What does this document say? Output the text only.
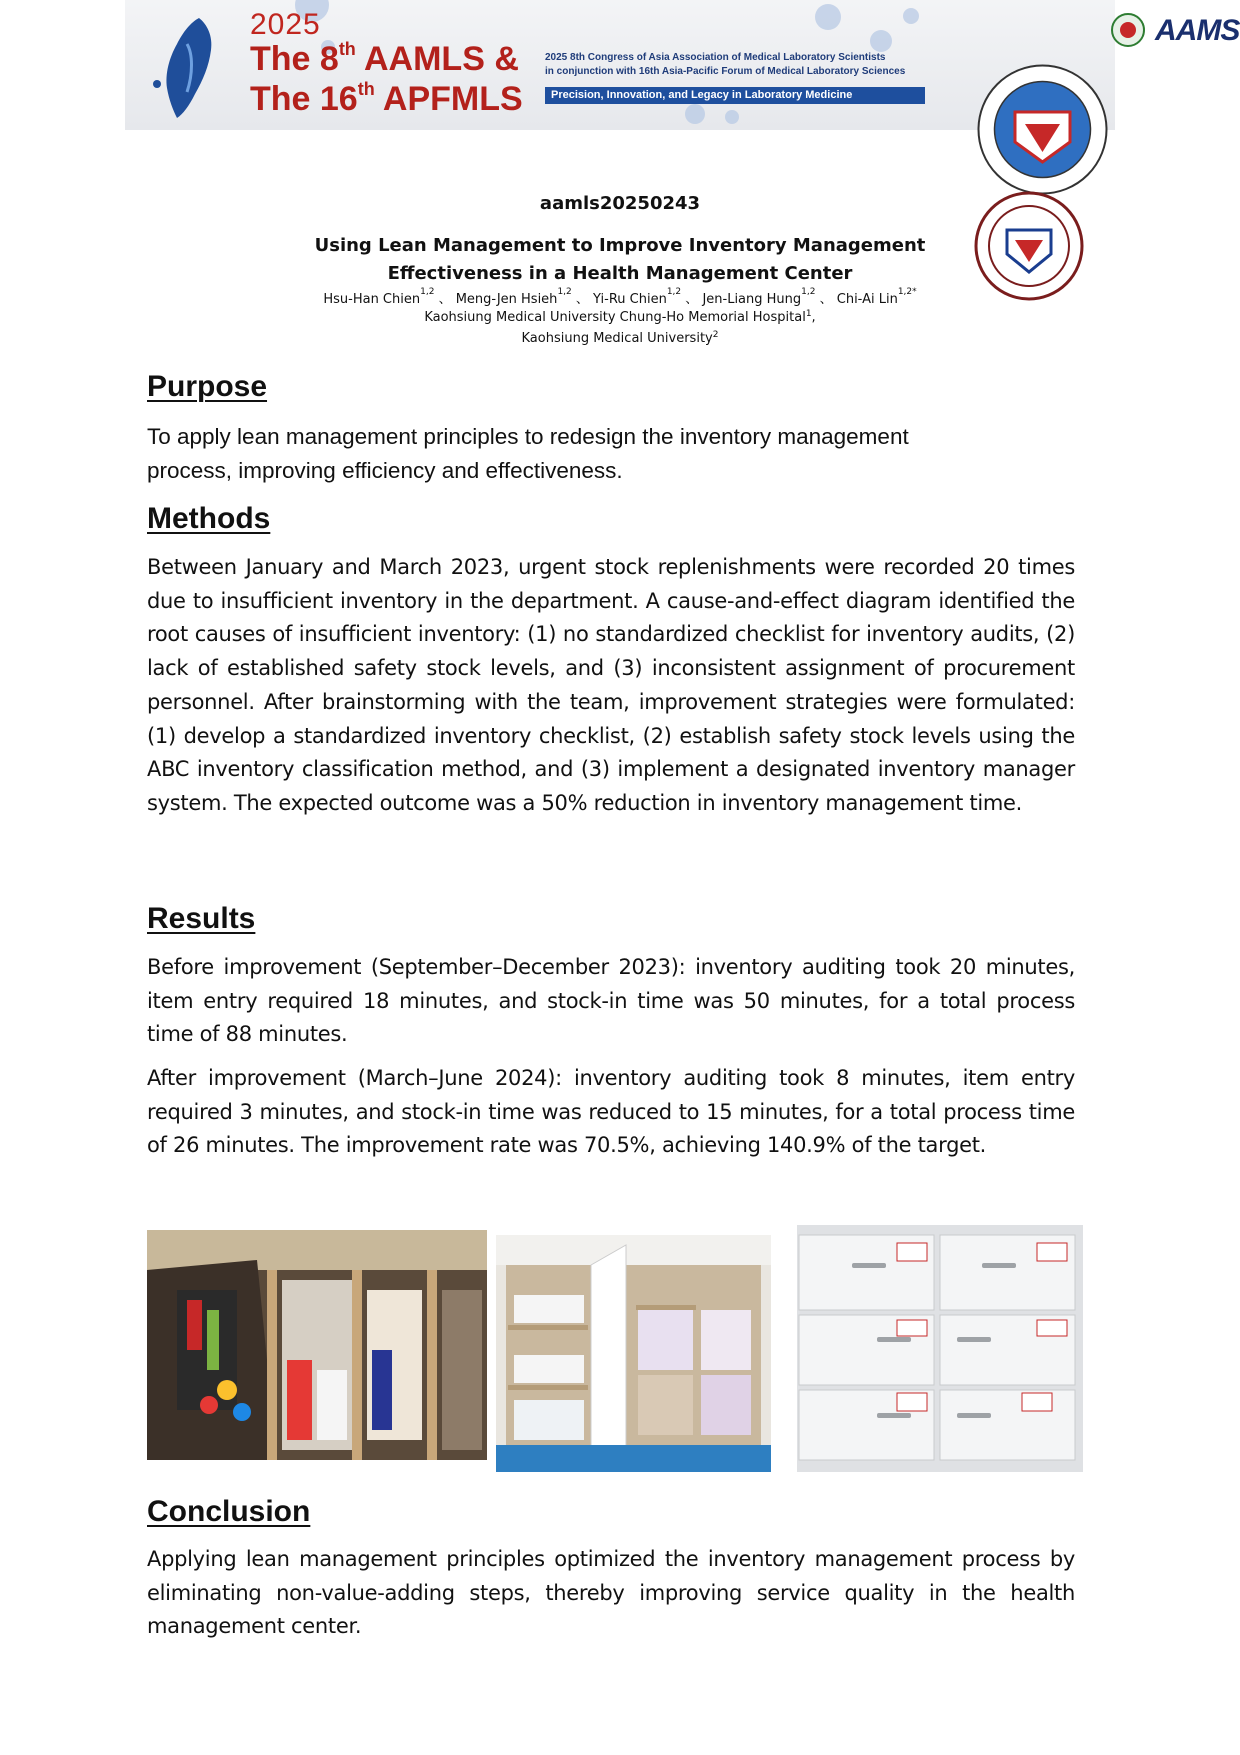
2025
The 8th AAMLS &
The 16th APFMLS
2025 8th Congress of Asia Association of Medical Laboratory Scientists
in conjunction with 16th Asia-Pacific Forum of Medical Laboratory Sciences
Precision, Innovation, and Legacy in Laboratory Medicine
AAMS
aamls20250243
Using Lean Management to Improve Inventory Management
Effectiveness in a Health Management Center
Hsu-Han Chien$^{1,2}$ 、 Meng-Jen Hsieh$^{1,2}$ 、 Yi-Ru Chien$^{1,2}$ 、 Jen-Liang Hung$^{1,2}$ 、 Chi-Ai Lin$^{1,2*}$
Kaohsiung Medical University Chung-Ho Memorial Hospital$^1$,
Kaohsiung Medical University$^2$
Purpose

To apply lean management principles to redesign the inventory management process, improving efficiency and effectiveness.

Methods

Between January and March 2023, urgent stock replenishments were recorded 20 times due to insufficient inventory in the department. A cause-and-effect diagram identified the root causes of insufficient inventory: (1) no standardized checklist for inventory audits, (2) lack of established safety stock levels, and (3) inconsistent assignment of procurement personnel. After brainstorming with the team, improvement strategies were formulated: (1) develop a standardized inventory checklist, (2) establish safety stock levels using the ABC inventory classification method, and (3) implement a designated inventory manager system. The expected outcome was a 50% reduction in inventory management time.

Results

Before improvement (September–December 2023): inventory auditing took 20 minutes, item entry required 18 minutes, and stock-in time was 50 minutes, for a total process time of 88 minutes.

After improvement (March–June 2024): inventory auditing took 8 minutes, item entry required 3 minutes, and stock-in time was reduced to 15 minutes, for a total process time of 26 minutes. The improvement rate was 70.5%, achieving 140.9% of the target.

Conclusion

Applying lean management principles optimized the inventory management process by eliminating non-value-adding steps, thereby improving service quality in the health management center.
